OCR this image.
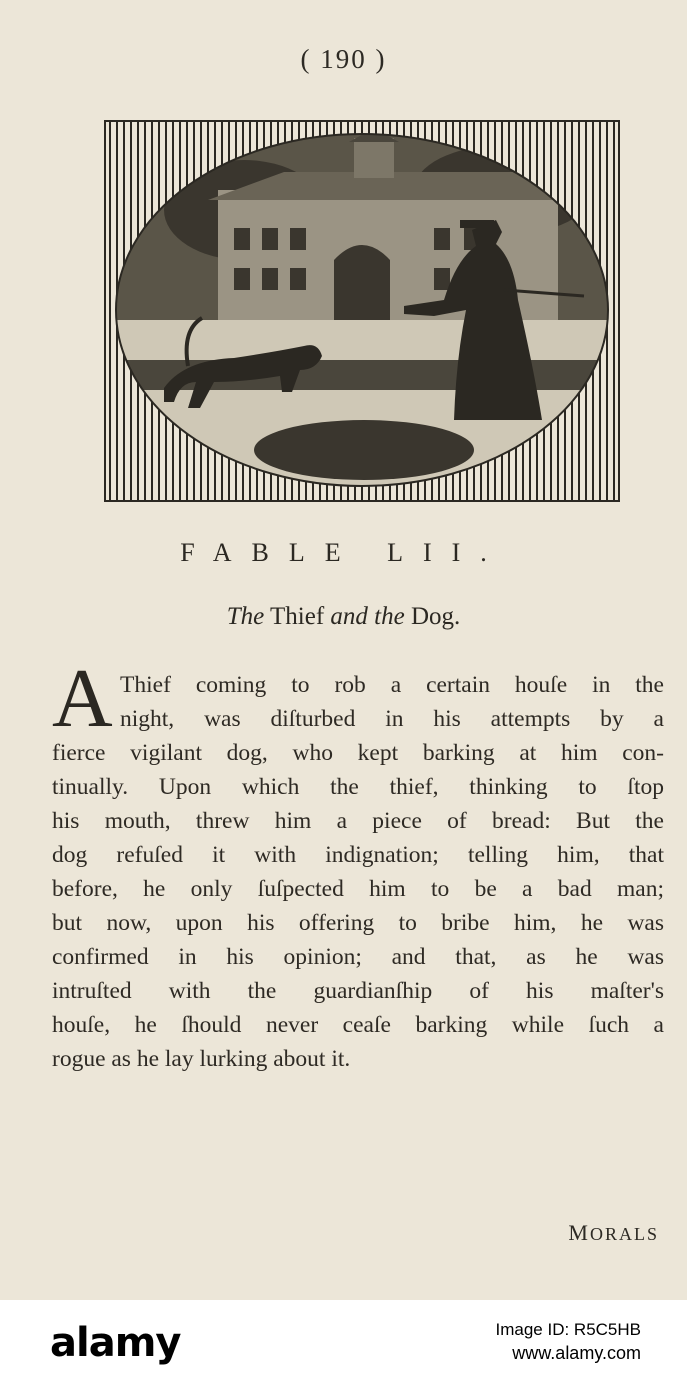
( 190 )
FABLE LII.
The Thief and the Dog.
A Thief coming to rob a certain houſe in the
night, was diſturbed in his attempts by a
fierce vigilant dog, who kept barking at him con-
tinually. Upon which the thief, thinking to ſtop
his mouth, threw him a piece of bread: But the
dog refuſed it with indignation; telling him, that
before, he only ſuſpected him to be a bad man;
but now, upon his offering to bribe him, he was
confirmed in his opinion; and that, as he was
intruſted with the guardianſhip of his maſter's
houſe, he ſhould never ceaſe barking while ſuch a
rogue as he lay lurking about it.
MORALS
alamy	Image ID: R5C5HB
www.alamy.com
